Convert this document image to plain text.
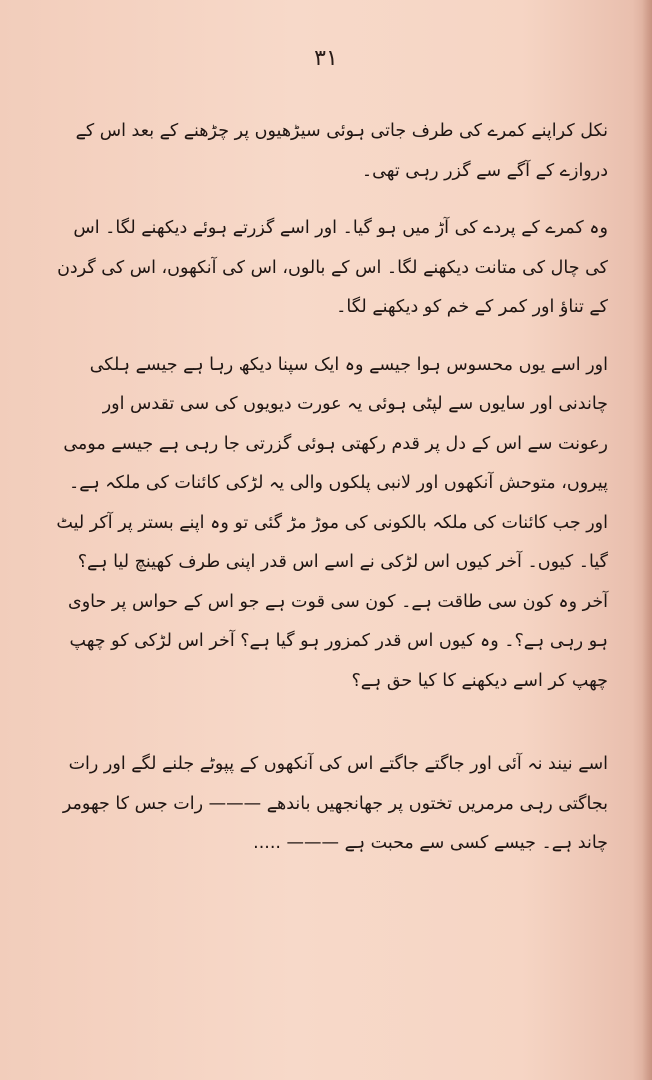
۳۱

نکل کراپنے کمرے کی طرف جاتی ہوئی سیڑھیوں پر چڑھنے کے بعد اس کے دروازے کے آگے سے گزر رہی تھی۔

وہ کمرے کے پردے کی آڑ میں ہو گیا۔ اور اسے گزرتے ہوئے دیکھنے لگا۔ اس کی چال کی متانت دیکھنے لگا۔ اس کے بالوں، اس کی آنکھوں، اس کی گردن کے تناؤ اور کمر کے خم کو دیکھنے لگا۔

اور اسے یوں محسوس ہوا جیسے وہ ایک سپنا دیکھ رہا ہے جیسے ہلکی چاندنی اور سایوں سے لپٹی ہوئی یہ عورت دیویوں کی سی تقدس اور رعونت سے اس کے دل پر قدم رکھتی ہوئی گزرتی جا رہی ہے جیسے مومی پیروں، متوحش آنکھوں اور لانبی پلکوں والی یہ لڑکی کائنات کی ملکہ ہے۔

اور جب کائنات کی ملکہ بالکونی کی موڑ مڑ گئی تو وہ اپنے بستر پر آکر لیٹ گیا۔ کیوں۔ آخر کیوں اس لڑکی نے اسے اس قدر اپنی طرف کھینچ لیا ہے؟ آخر وہ کون سی طاقت ہے۔ کون سی قوت ہے جو اس کے حواس پر حاوی ہو رہی ہے؟۔ وہ کیوں اس قدر کمزور ہو گیا ہے؟ آخر اس لڑکی کو چھپ چھپ کر اسے دیکھنے کا کیا حق ہے؟

اسے نیند نہ آئی اور جاگتے جاگتے اس کی آنکھوں کے پپوٹے جلنے لگے اور رات بجاگتی رہی مرمریں تختوں پر جھانجھیں باندھے ——— رات جس کا جھومر چاند ہے۔ جیسے کسی سے محبت ہے ——— .....
